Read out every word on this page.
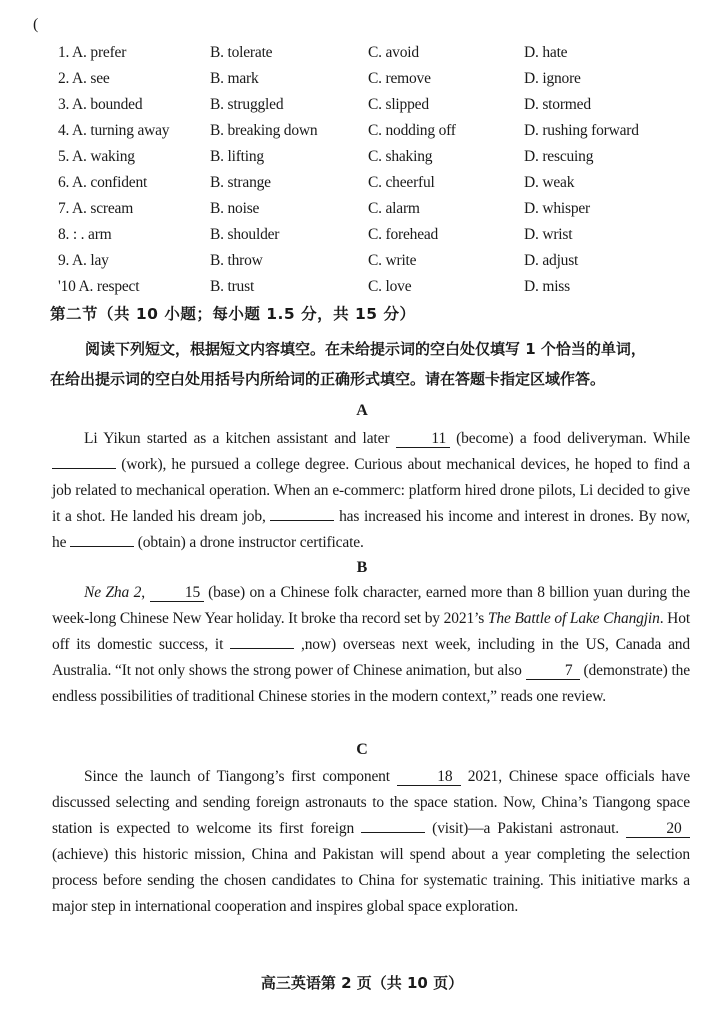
(
1. A. prefer	B. tolerate	C. avoid	D. hate
2. A. see	B. mark	C. remove	D. ignore
3. A. bounded	B. struggled	C. slipped	D. stormed
4. A. turning away	B. breaking down	C. nodding off	D. rushing forward
5. A. waking	B. lifting	C. shaking	D. rescuing
6. A. confident	B. strange	C. cheerful	D. weak
7. A. scream	B. noise	C. alarm	D. whisper
8. : . arm	B. shoulder	C. forehead	D. wrist
9. A. lay	B. throw	C. write	D. adjust
'10 A. respect	B. trust	C. love	D. miss
第二节（共 10 小题；每小题 1.5 分，共 15 分）

阅读下列短文，根据短文内容填空。在未给提示词的空白处仅填写 1 个恰当的单词，

在给出提示词的空白处用括号内所给词的正确形式填空。请在答题卡指定区域作答。

A

Li Yikun started as a kitchen assistant and later 11 (become) a food deliveryman. While  (work), he pursued a college degree. Curious about mechanical devices, he hoped to find a job related to mechanical operation. When an e-commerc: platform hired drone pilots, Li decided to give it a shot. He landed his dream job,	has increased his income and interest in drones. By now, he	(obtain) a drone instructor certificate.

B

Ne Zha 2, 15 (base) on a Chinese folk character, earned more than 8 billion yuan during the week-long Chinese New Year holiday. It broke tha record set by 2021’s The Battle of Lake Changjin. Hot off its domestic success, it	,now) overseas next week, including in the US, Canada and Australia. “It not only shows the strong power of Chinese animation, but also	7 (demonstrate) the endless possibilities of traditional Chinese stories in the modern context,” reads one review.

C

Since the launch of Tiangong’s first component	18 2021, Chinese space officials have discussed selecting and sending foreign astronauts to the space station. Now, China’s Tiangong space station is expected to welcome its first foreign	(visit)—a Pakistani astronaut.	20 (achieve) this historic mission, China and Pakistan will spend about a year completing the selection process before sending the chosen candidates to China for systematic training. This initiative marks a major step in international cooperation and inspires global space exploration.

高三英语第 2 页（共 10 页）
